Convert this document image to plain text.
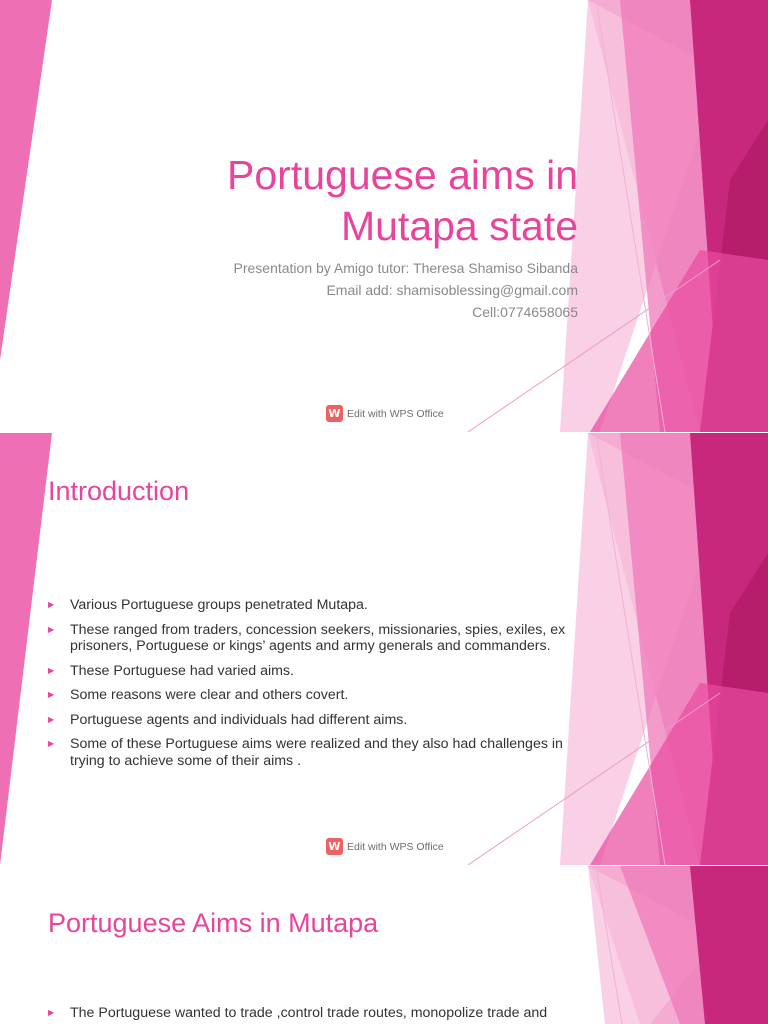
Portuguese aims in
Mutapa state
Presentation by Amigo tutor: Theresa Shamiso Sibanda
Email add: shamisoblessing@gmail.com
Cell:0774658065
W Edit with WPS Office
Introduction
▶ Various Portuguese groups penetrated Mutapa.
▶ These ranged from traders, concession seekers, missionaries, spies, exiles, ex prisoners, Portuguese or kings’ agents and army generals and commanders.
▶ These Portuguese had varied aims.
▶ Some reasons were clear and others covert.
▶ Portuguese agents and individuals had different aims.
▶ Some of these Portuguese aims were realized and they also had challenges in trying to achieve some of their aims .
W Edit with WPS Office
Portuguese Aims in Mutapa
▶ The Portuguese wanted to trade ,control trade routes, monopolize trade and
